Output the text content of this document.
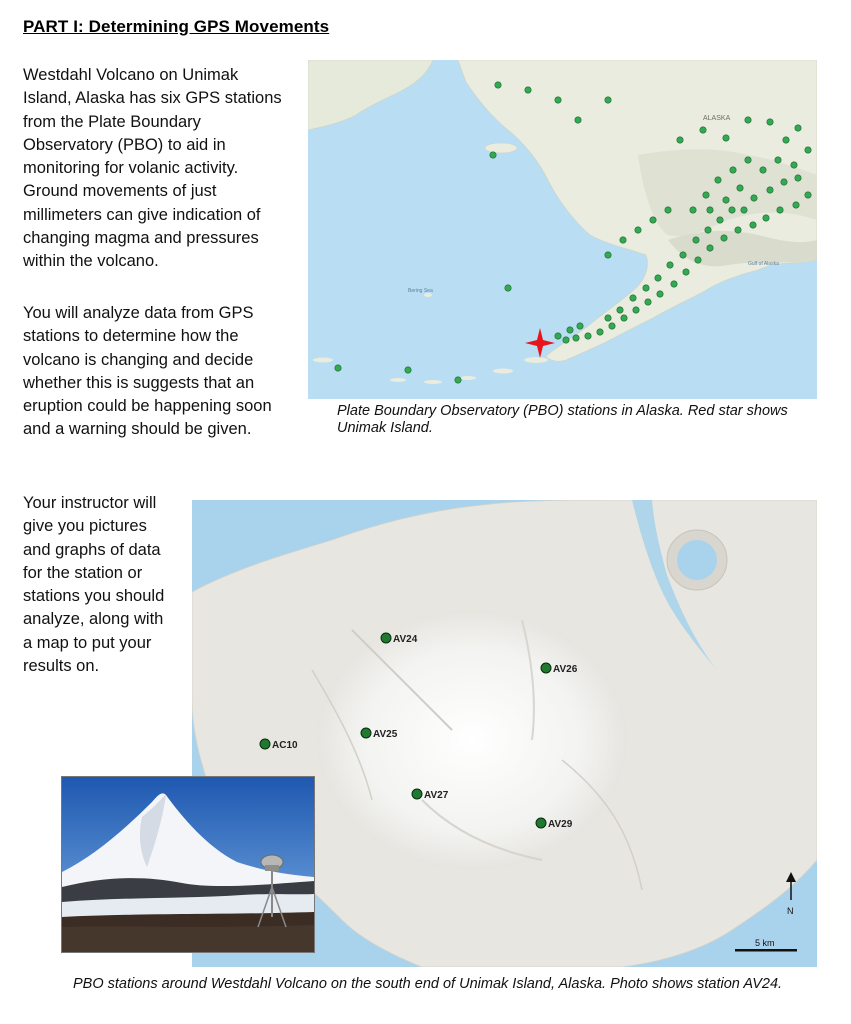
PART I: Determining GPS Movements
Westdahl Volcano on Unimak Island, Alaska has six GPS stations from the Plate Boundary Observatory (PBO) to aid in monitoring for volanic activity. Ground movements of just millimeters can give indication of changing magma and pressures within the volcano.
You will analyze data from GPS stations to determine how the volcano is changing and decide whether this is suggests that an eruption could be happening soon and a warning should be given.
Your instructor will give you pictures and graphs of data for the station or stations you should analyze, along with a map to put your results on.
ALASKA
Bering Sea
Gulf of Alaska
Plate Boundary Observatory (PBO) stations in Alaska. Red star shows Unimak Island.
AV24
AV26
AV25
AC10
AV27
AV29
N
5 km
PBO stations around Westdahl Volcano on the south end of Unimak Island, Alaska. Photo shows station AV24.
